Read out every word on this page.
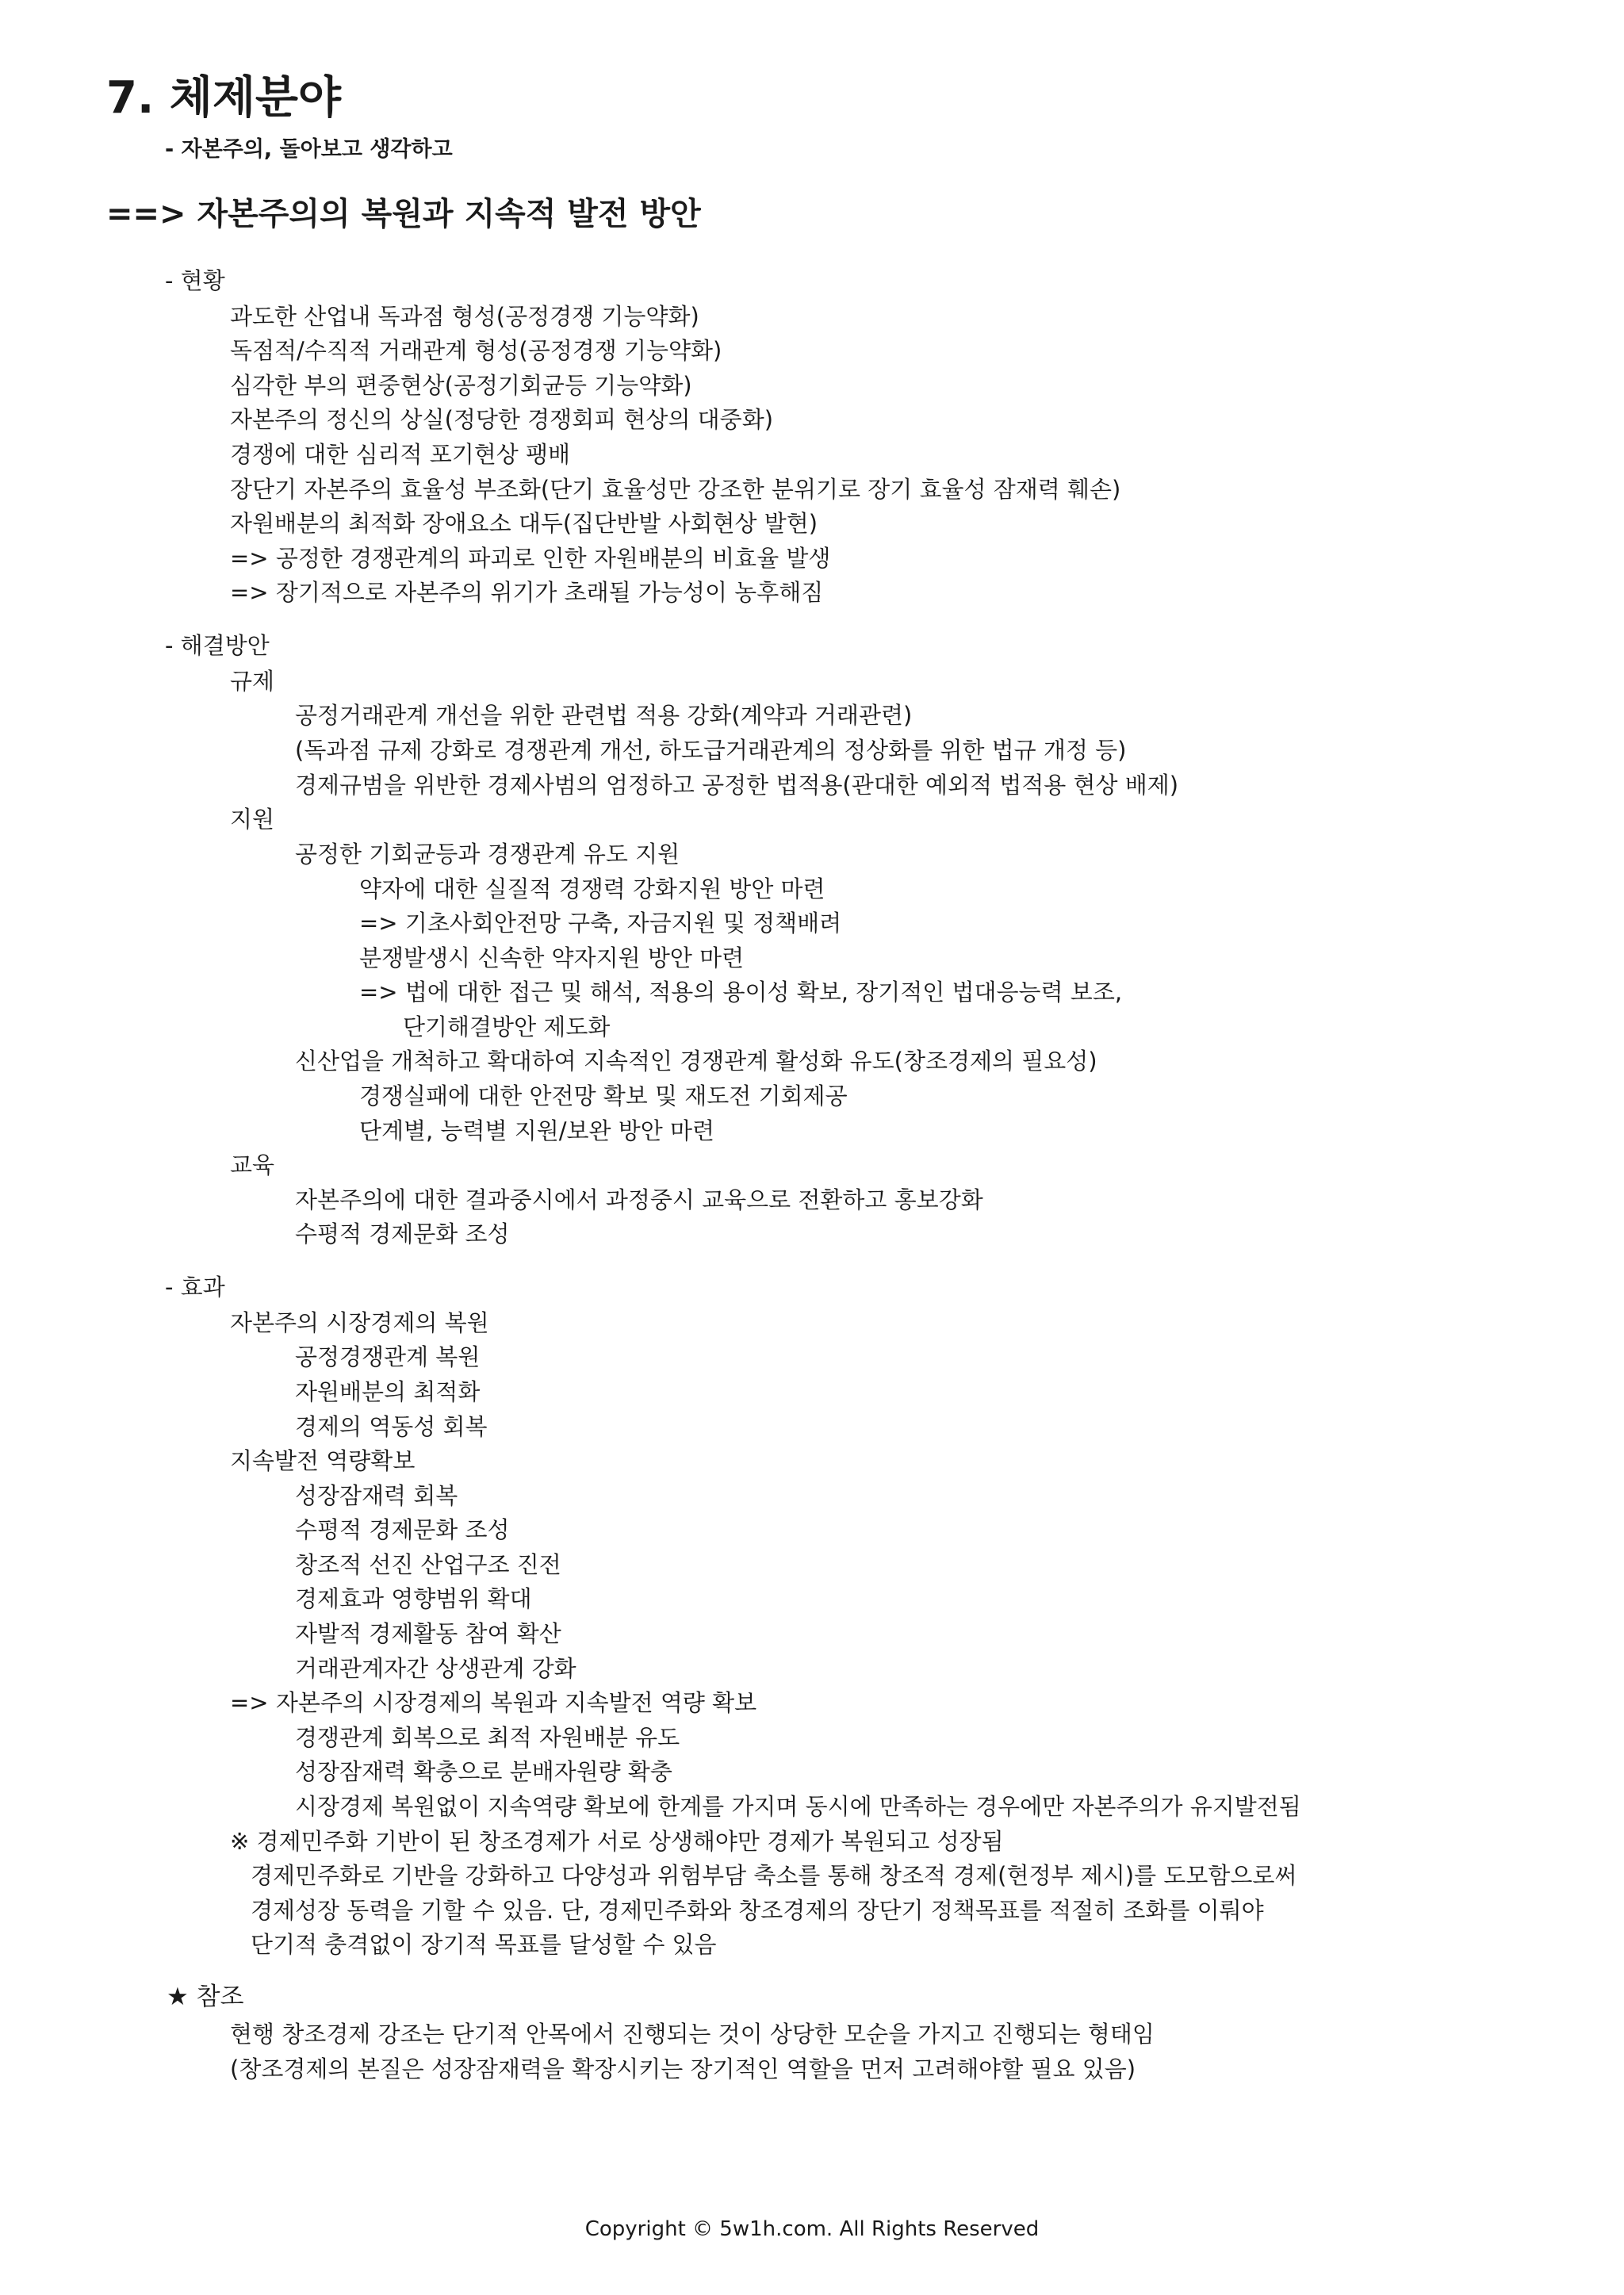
7. 체제분야
- 자본주의, 돌아보고 생각하고
==> 자본주의의 복원과 지속적 발전 방안
- 현황
과도한 산업내 독과점 형성(공정경쟁 기능약화)
독점적/수직적 거래관계 형성(공정경쟁 기능약화)
심각한 부의 편중현상(공정기회균등 기능약화)
자본주의 정신의 상실(정당한 경쟁회피 현상의 대중화)
경쟁에 대한 심리적 포기현상 팽배
장단기 자본주의 효율성 부조화(단기 효율성만 강조한 분위기로 장기 효율성 잠재력 훼손)
자원배분의 최적화 장애요소 대두(집단반발 사회현상 발현)
=> 공정한 경쟁관계의 파괴로 인한 자원배분의 비효율 발생
=> 장기적으로 자본주의 위기가 초래될 가능성이 농후해짐
- 해결방안
규제
공정거래관계 개선을 위한 관련법 적용 강화(계약과 거래관련)
(독과점 규제 강화로 경쟁관계 개선, 하도급거래관계의 정상화를 위한 법규 개정 등)
경제규범을 위반한 경제사범의 엄정하고 공정한 법적용(관대한 예외적 법적용 현상 배제)
지원
공정한 기회균등과 경쟁관계 유도 지원
약자에 대한 실질적 경쟁력 강화지원 방안 마련
=> 기초사회안전망 구축, 자금지원 및 정책배려
분쟁발생시 신속한 약자지원 방안 마련
=> 법에 대한 접근 및 해석, 적용의 용이성 확보, 장기적인 법대응능력 보조,
단기해결방안 제도화
신산업을 개척하고 확대하여 지속적인 경쟁관계 활성화 유도(창조경제의 필요성)
경쟁실패에 대한 안전망 확보 및 재도전 기회제공
단계별, 능력별 지원/보완 방안 마련
교육
자본주의에 대한 결과중시에서 과정중시 교육으로 전환하고 홍보강화
수평적 경제문화 조성
- 효과
자본주의 시장경제의 복원
공정경쟁관계 복원
자원배분의 최적화
경제의 역동성 회복
지속발전 역량확보
성장잠재력 회복
수평적 경제문화 조성
창조적 선진 산업구조 진전
경제효과 영향범위 확대
자발적 경제활동 참여 확산
거래관계자간 상생관계 강화
=> 자본주의 시장경제의 복원과 지속발전 역량 확보
경쟁관계 회복으로 최적 자원배분 유도
성장잠재력 확충으로 분배자원량 확충
시장경제 복원없이 지속역량 확보에 한계를 가지며 동시에 만족하는 경우에만 자본주의가 유지발전됨
※ 경제민주화 기반이 된 창조경제가 서로 상생해야만 경제가 복원되고 성장됨
경제민주화로 기반을 강화하고 다양성과 위험부담 축소를 통해 창조적 경제(현정부 제시)를 도모함으로써
경제성장 동력을 기할 수 있음. 단, 경제민주화와 창조경제의 장단기 정책목표를 적절히 조화를 이뤄야
단기적 충격없이 장기적 목표를 달성할 수 있음
★ 참조
현행 창조경제 강조는 단기적 안목에서 진행되는 것이 상당한 모순을 가지고 진행되는 형태임
(창조경제의 본질은 성장잠재력을 확장시키는 장기적인 역할을 먼저 고려해야할 필요 있음)
Copyright © 5w1h.com. All Rights Reserved
